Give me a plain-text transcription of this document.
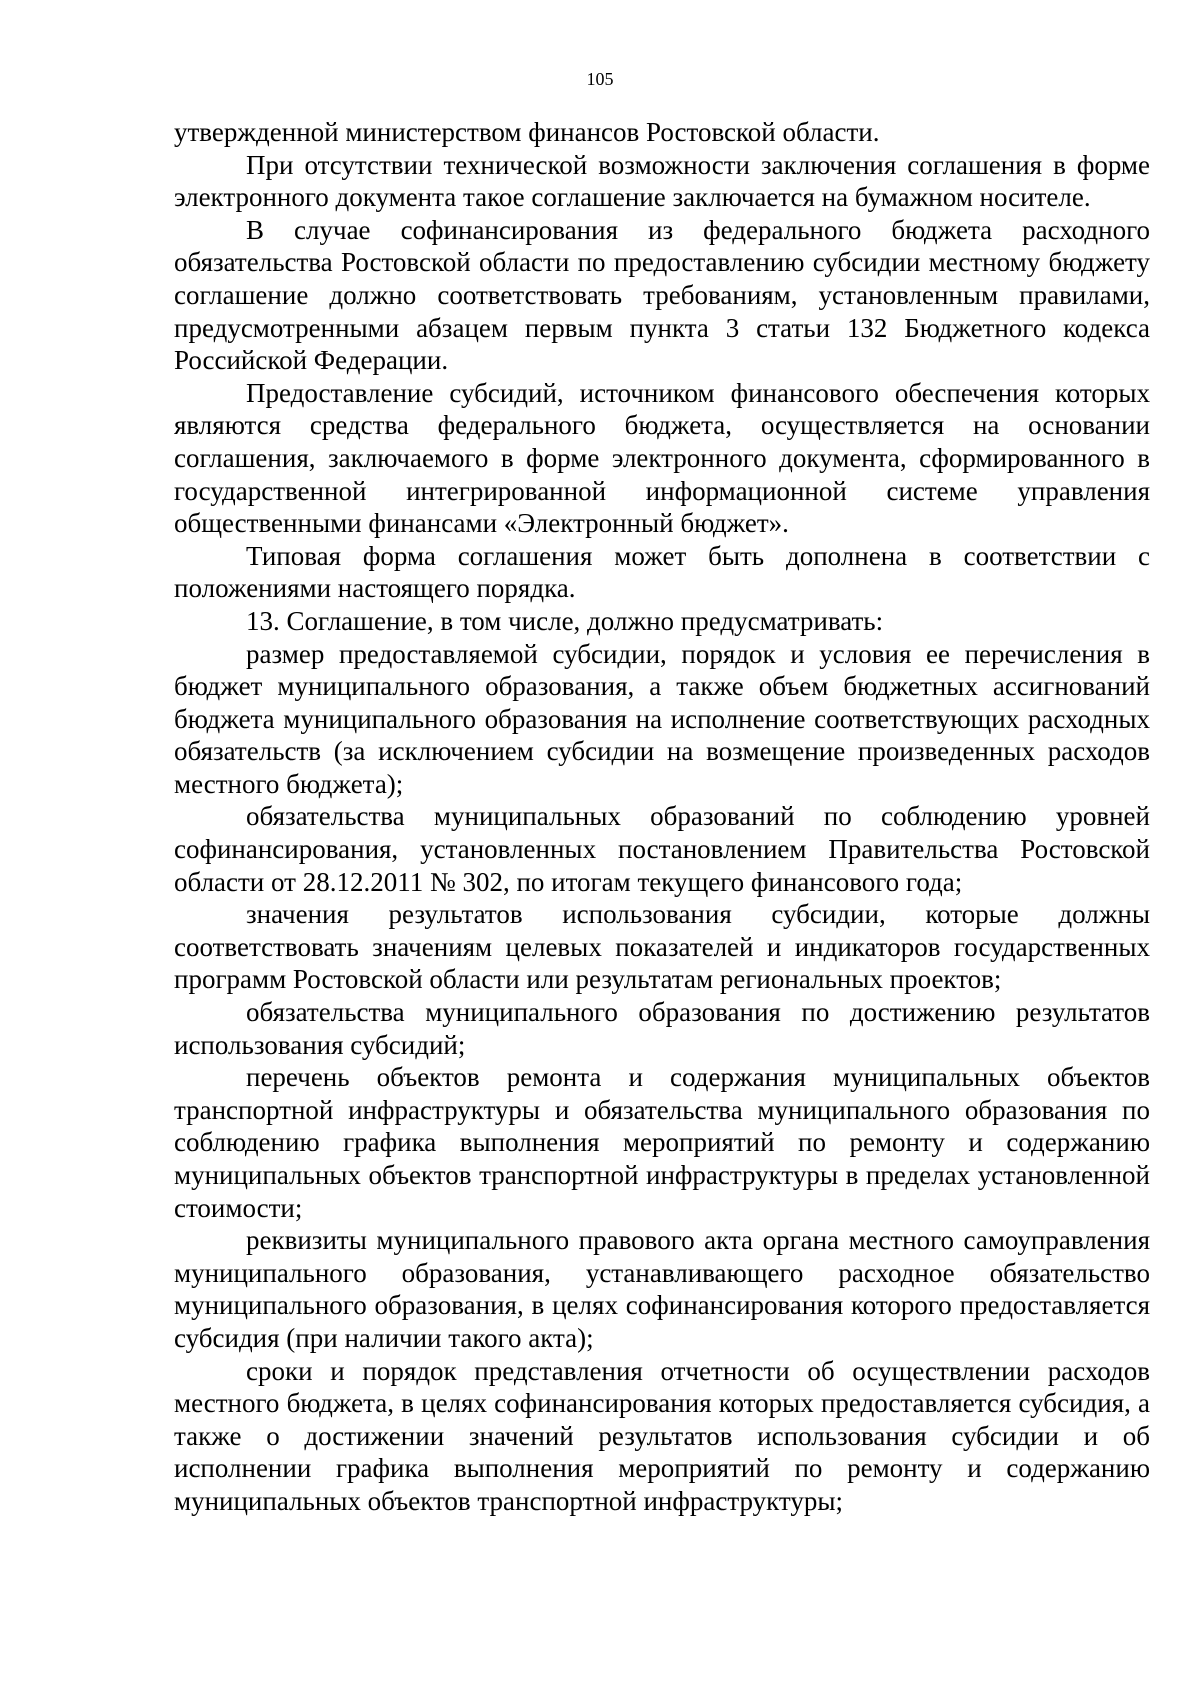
105

утвержденной министерством финансов Ростовской области.

При отсутствии технической возможности заключения соглашения в форме электронного документа такое соглашение заключается на бумажном носителе.

В случае софинансирования из федерального бюджета расходного обязательства Ростовской области по предоставлению субсидии местному бюджету соглашение должно соответствовать требованиям, установленным правилами, предусмотренными абзацем первым пункта 3 статьи 132 Бюджетного кодекса Российской Федерации.

Предоставление субсидий, источником финансового обеспечения которых являются средства федерального бюджета, осуществляется на основании соглашения, заключаемого в форме электронного документа, сформированного в государственной интегрированной информационной системе управления общественными финансами «Электронный бюджет».

Типовая форма соглашения может быть дополнена в соответствии с положениями настоящего порядка.

13. Соглашение, в том числе, должно предусматривать:

размер предоставляемой субсидии, порядок и условия ее перечисления в бюджет муниципального образования, а также объем бюджетных ассигнований бюджета муниципального образования на исполнение соответствующих расходных обязательств (за исключением субсидии на возмещение произведенных расходов местного бюджета);

обязательства муниципальных образований по соблюдению уровней софинансирования, установленных постановлением Правительства Ростовской области от 28.12.2011 № 302, по итогам текущего финансового года;

значения результатов использования субсидии, которые должны соответствовать значениям целевых показателей и индикаторов государственных программ Ростовской области или результатам региональных проектов;

обязательства муниципального образования по достижению результатов использования субсидий;

перечень объектов ремонта и содержания муниципальных объектов транспортной инфраструктуры и обязательства муниципального образования по соблюдению графика выполнения мероприятий по ремонту и содержанию муниципальных объектов транспортной инфраструктуры в пределах установленной стоимости;

реквизиты муниципального правового акта органа местного самоуправления муниципального образования, устанавливающего расходное обязательство муниципального образования, в целях софинансирования которого предоставляется субсидия (при наличии такого акта);

сроки и порядок представления отчетности об осуществлении расходов местного бюджета, в целях софинансирования которых предоставляется субсидия, а также о достижении значений результатов использования субсидии и об исполнении графика выполнения мероприятий по ремонту и содержанию муниципальных объектов транспортной инфраструктуры;
